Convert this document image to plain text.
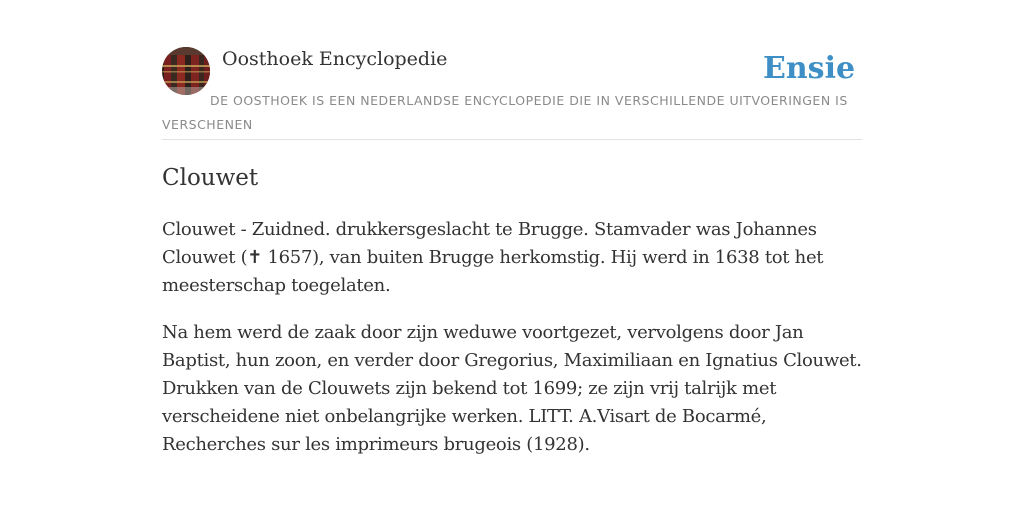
Oosthoek Encyclopedie	Ensie
DE OOSTHOEK IS EEN NEDERLANDSE ENCYCLOPEDIE DIE IN VERSCHILLENDE UITVOERINGEN IS VERSCHENEN
Clouwet

Clouwet - Zuidned. drukkersgeslacht te Brugge. Stamvader was Johannes Clouwet (✝ 1657), van buiten Brugge herkomstig. Hij werd in 1638 tot het meesterschap toegelaten.

Na hem werd de zaak door zijn weduwe voortgezet, vervolgens door Jan Baptist, hun zoon, en verder door Gregorius, Maximiliaan en Ignatius Clouwet. Drukken van de Clouwets zijn bekend tot 1699; ze zijn vrij talrijk met verscheidene niet onbelangrijke werken. LITT. A.Visart de Bocarmé, Recherches sur les imprimeurs brugeois (1928).
